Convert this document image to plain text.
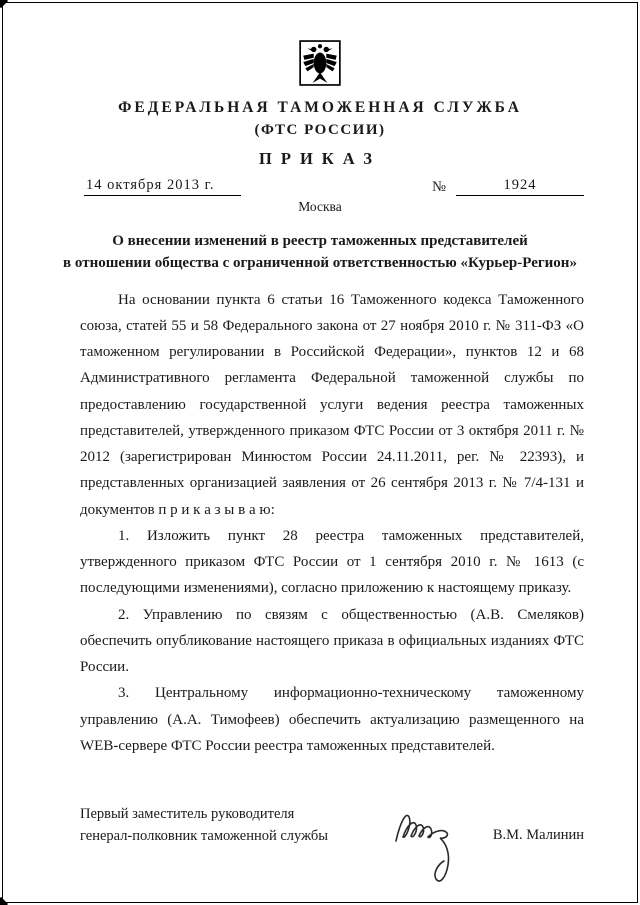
ФЕДЕРАЛЬНАЯ ТАМОЖЕННАЯ СЛУЖБА
(ФТС РОССИИ)
ПРИКАЗ
14 октября 2013 г.	№	1924
Москва
О внесении изменений в реестр таможенных представителей
в отношении общества с ограниченной ответственностью «Курьер-Регион»

На основании пункта 6 статьи 16 Таможенного кодекса Таможенного союза, статей 55 и 58 Федерального закона от 27 ноября 2010 г. № 311-ФЗ «О таможенном регулировании в Российской Федерации», пунктов 12 и 68 Административного регламента Федеральной таможенной службы по предоставлению государственной услуги ведения реестра таможенных представителей, утвержденного приказом ФТС России от 3 октября 2011 г. № 2012 (зарегистрирован Минюстом России 24.11.2011, рег. № 22393), и представленных организацией заявления от 26 сентября 2013 г. № 7/4-131 и документов п р и к а з ы в а ю:

1. Изложить пункт 28 реестра таможенных представителей, утвержденного приказом ФТС России от 1 сентября 2010 г. № 1613 (с последующими изменениями), согласно приложению к настоящему приказу.

2. Управлению по связям с общественностью (А.В. Смеляков) обеспечить опубликование настоящего приказа в официальных изданиях ФТС России.

3. Центральному информационно-техническому таможенному управлению (А.А. Тимофеев) обеспечить актуализацию размещенного на WEB-сервере ФТС России реестра таможенных представителей.

Первый заместитель руководителя
генерал-полковник таможенной службы	В.М. Малинин
